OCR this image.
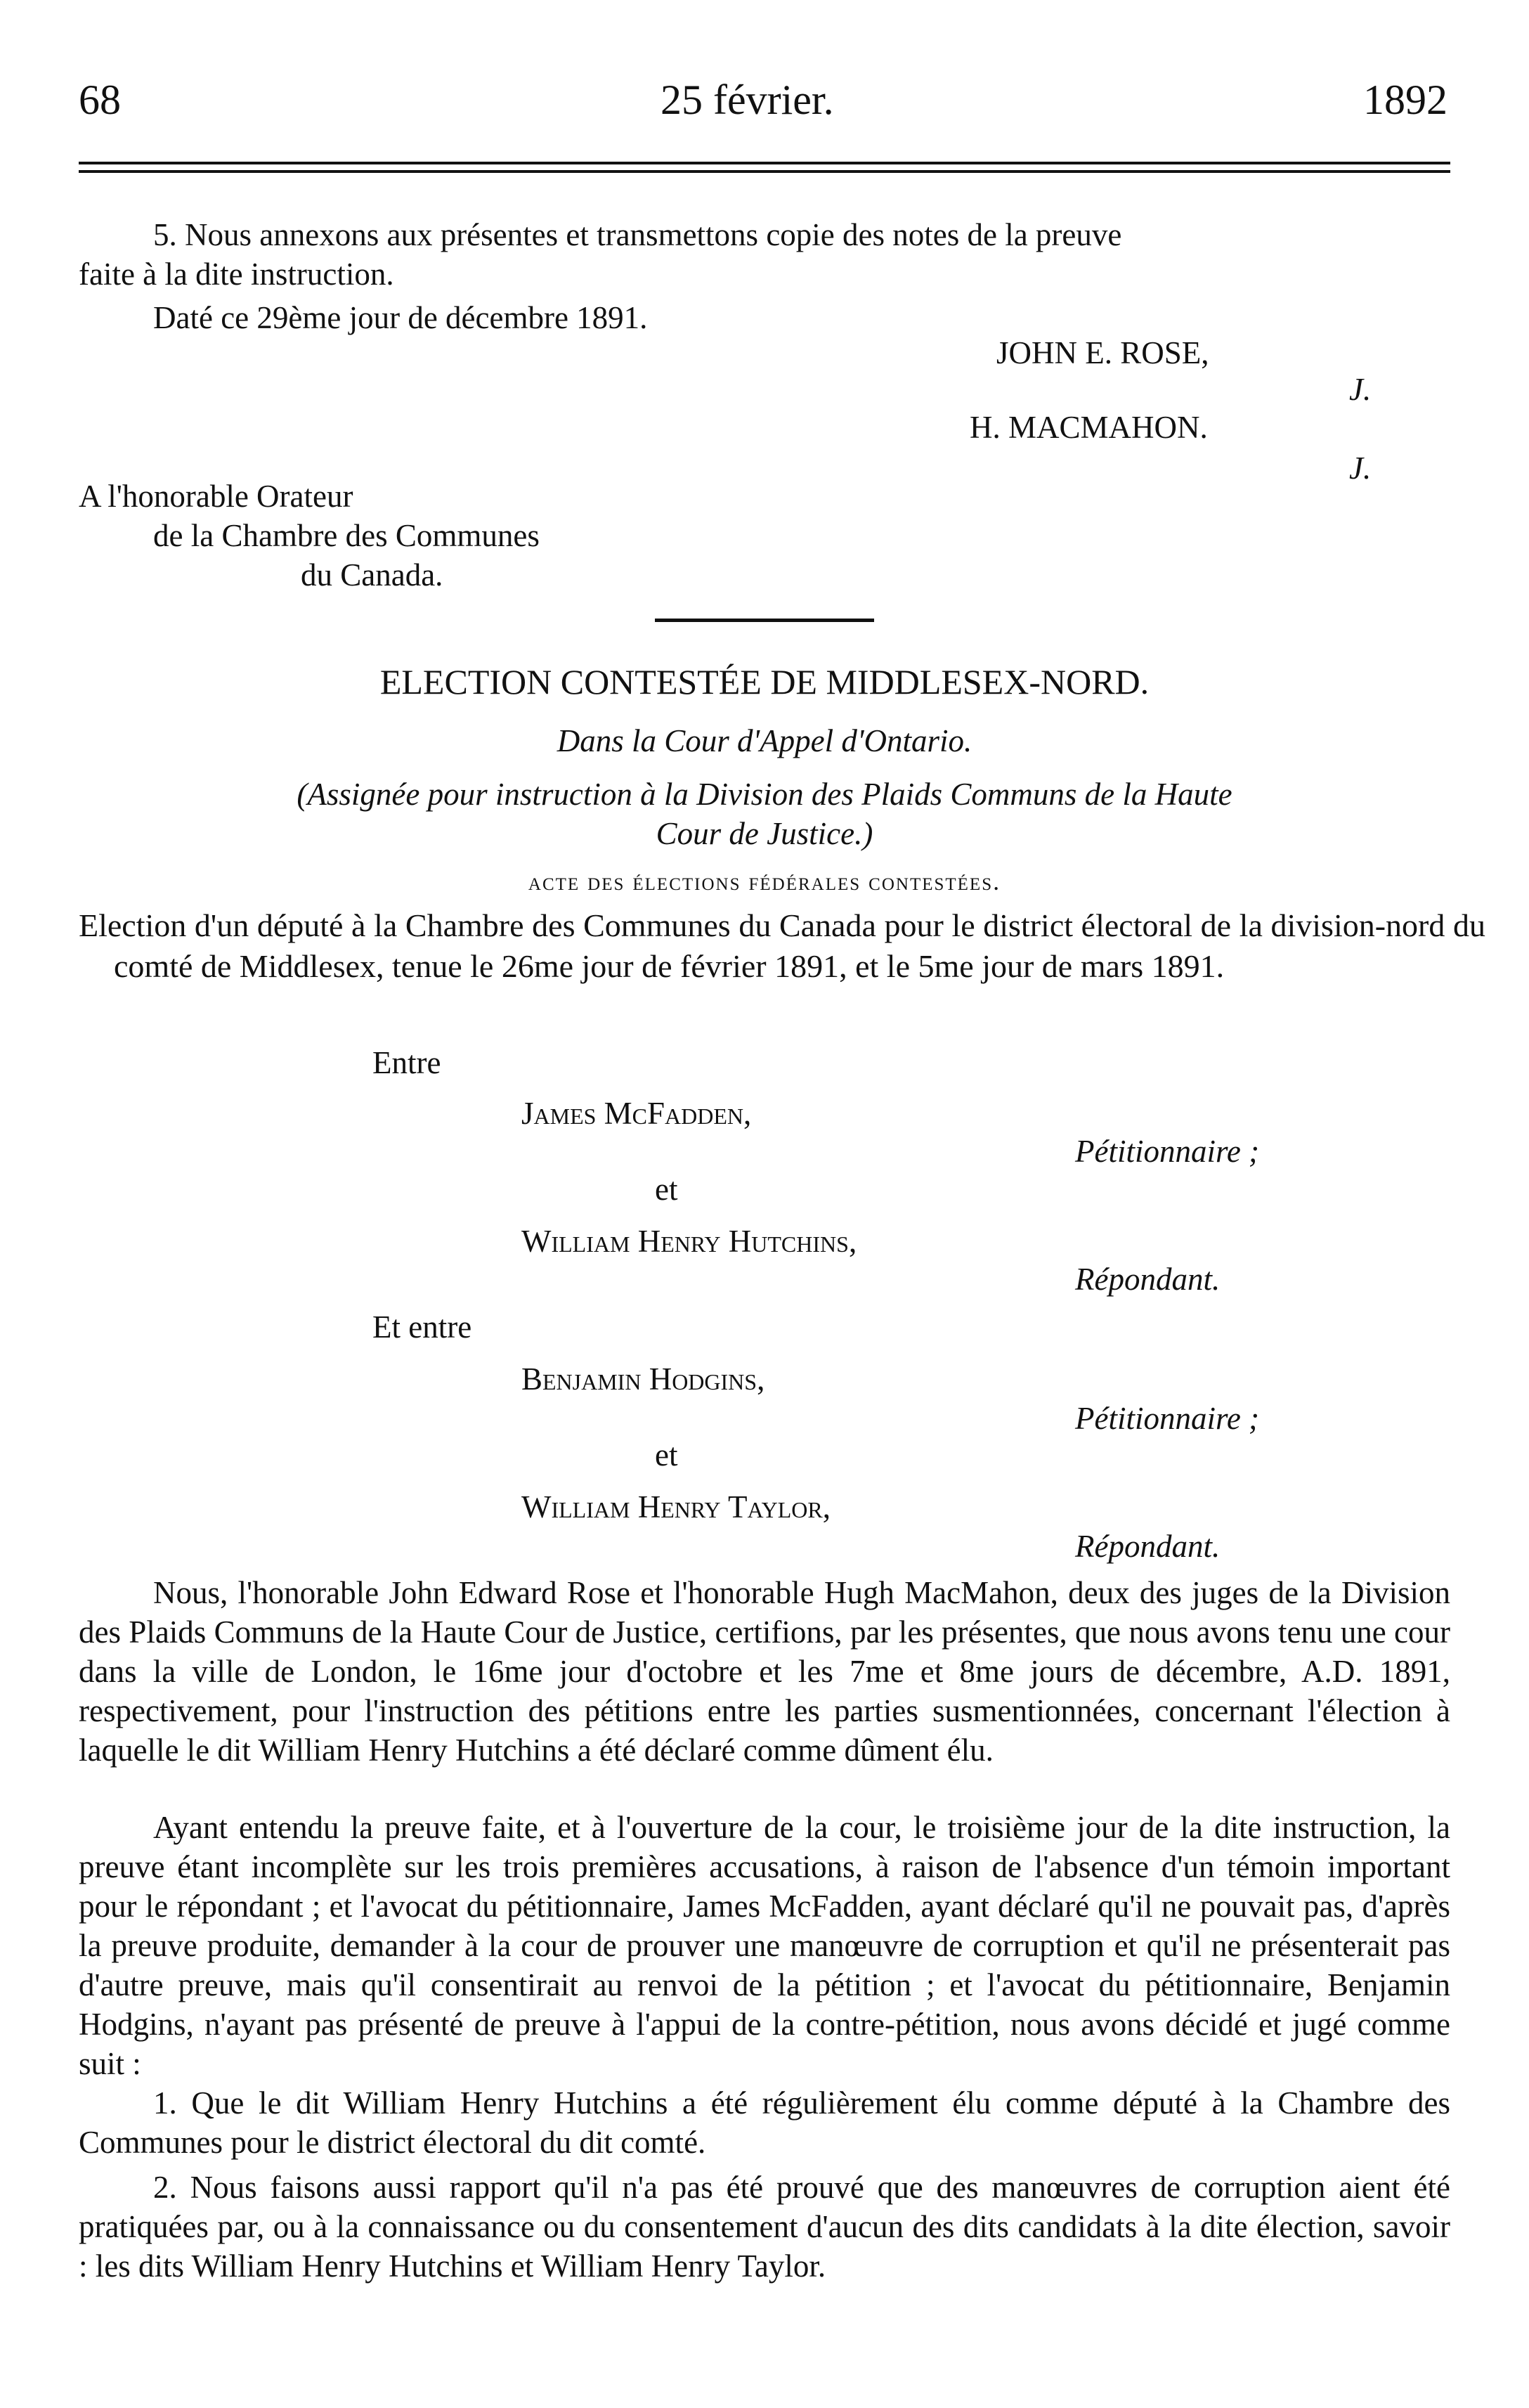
68	25 février.	1892
5. Nous annexons aux présentes et transmettons copie des notes de la preuve
faite à la dite instruction.
Daté ce 29ème jour de décembre 1891.
JOHN E. ROSE,
J.
H. MACMAHON.
J.
A l'honorable Orateur
de la Chambre des Communes
du Canada.
ELECTION CONTESTÉE DE MIDDLESEX-NORD.
Dans la Cour d'Appel d'Ontario.
(Assignée pour instruction à la Division des Plaids Communs de la Haute
Cour de Justice.)
acte des élections fédérales contestées.
Election d'un député à la Chambre des Communes du Canada pour le district électoral de la division-nord du comté de Middlesex, tenue le 26me jour de février 1891, et le 5me jour de mars 1891.
Entre
James McFadden,
Pétitionnaire ;
et
William Henry Hutchins,
Répondant.
Et entre
Benjamin Hodgins,
Pétitionnaire ;
et
William Henry Taylor,
Répondant.
Nous, l'honorable John Edward Rose et l'honorable Hugh MacMahon, deux des juges de la Division des Plaids Communs de la Haute Cour de Justice, certifions, par les présentes, que nous avons tenu une cour dans la ville de London, le 16me jour d'octobre et les 7me et 8me jours de décembre, A.D. 1891, respectivement, pour l'instruction des pétitions entre les parties susmentionnées, concernant l'élection à laquelle le dit William Henry Hutchins a été déclaré comme dûment élu.
Ayant entendu la preuve faite, et à l'ouverture de la cour, le troisième jour de la dite instruction, la preuve étant incomplète sur les trois premières accusations, à raison de l'absence d'un témoin important pour le répondant ; et l'avocat du pétitionnaire, James McFadden, ayant déclaré qu'il ne pouvait pas, d'après la preuve produite, demander à la cour de prouver une manœuvre de corruption et qu'il ne présenterait pas d'autre preuve, mais qu'il consentirait au renvoi de la pétition ; et l'avocat du pétitionnaire, Benjamin Hodgins, n'ayant pas présenté de preuve à l'appui de la contre-pétition, nous avons décidé et jugé comme suit :
1. Que le dit William Henry Hutchins a été régulièrement élu comme député à la Chambre des Communes pour le district électoral du dit comté.
2. Nous faisons aussi rapport qu'il n'a pas été prouvé que des manœuvres de corruption aient été pratiquées par, ou à la connaissance ou du consentement d'aucun des dits candidats à la dite élection, savoir : les dits William Henry Hutchins et William Henry Taylor.
